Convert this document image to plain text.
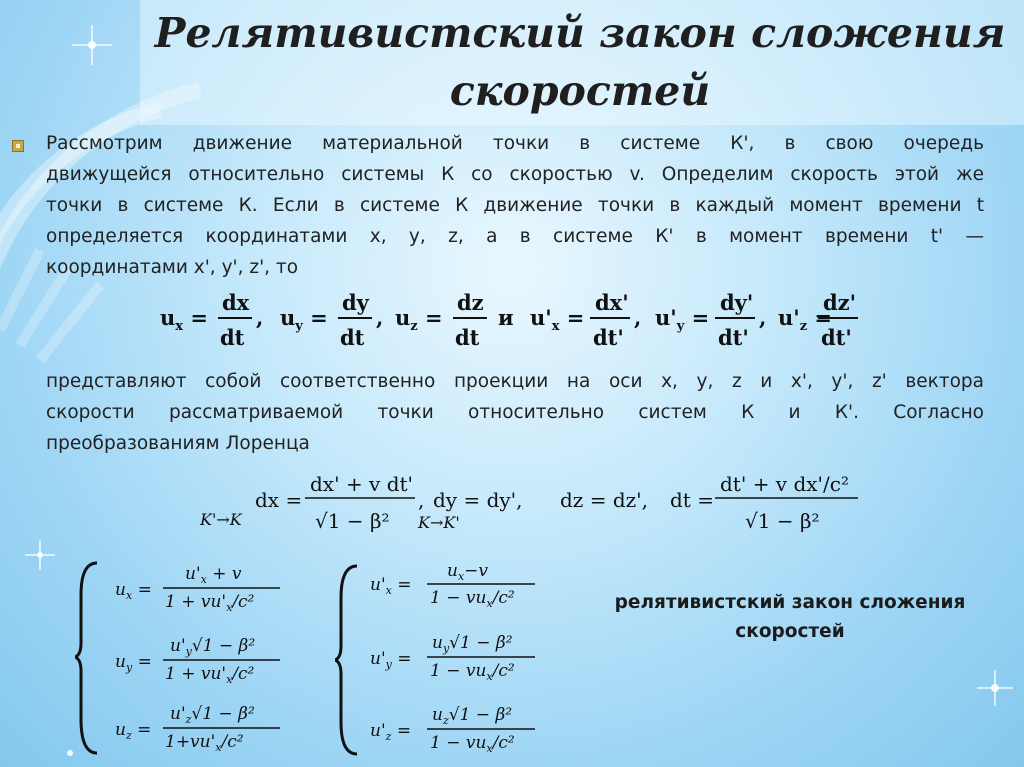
Релятивистский закон сложения
скоростей
Рассмотрим движение материальной точки в системе К', в свою очередь
движущейся относительно системы К со скоростью v. Определим скорость этой же
точки в системе К. Если в системе К движение точки в каждый момент времени t
определяется координатами x, y, z, а в системе К' в момент времени t' —
координатами x', y', z', то
$u_x$ =
dx
dt
, $u_y$ =
dy
dt
, $u_z$ =
dz
dt
и $u'_x$ =
dx'
dt'
, $u'_y$ =
dy'
dt'
, $u'_z$ =
dz'
dt'
представляют собой соответственно проекции на оси x, y, z и x', y', z' вектора
скорости рассматриваемой точки относительно систем К и К'. Согласно
преобразованиям Лоренца
K'→K
dx =
dx' + v dt'
√1 − β²
, dy = dy',
K→K'
dz = dz', dt =
dt' + v dx'/c²
√1 − β²
$u_x$ =
$u'_x + v$
$1 + vu'_x/c^2$
$u_y$ =
$u'_y√1 - \beta^2$
$1 + vu'_x/c^2$
$u_z$ =
$u'_z√1 - \beta^2$
$1+vu'_x/c^2$
$u'_x$ =
$u_x-v$
$1 - vu_x/c^2$
$u'_y$ =
$u_y√1 - \beta^2$
$1 - vu_x/c^2$
$u'_z$ =
$u_z√1 - \beta^2$
$1 - vu_x/c^2$
релятивистский закон сложения
скоростей
